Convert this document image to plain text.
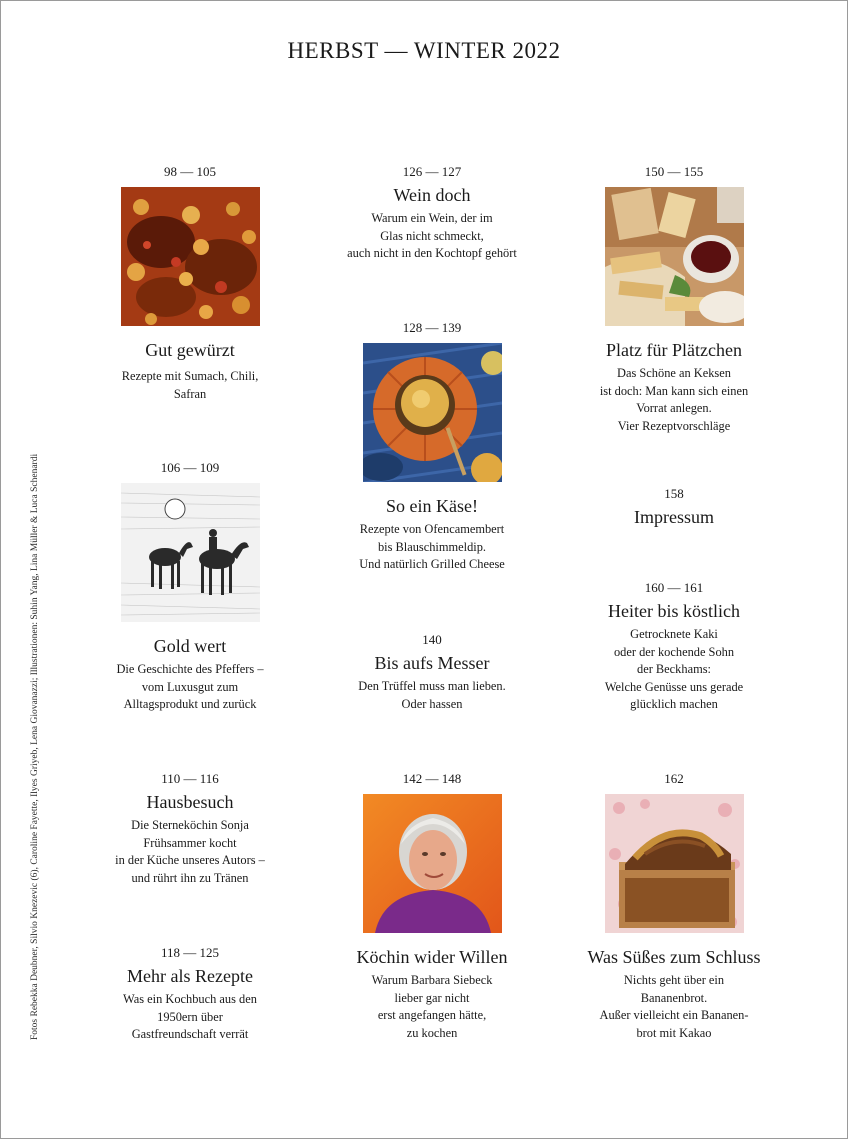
HERBST — WINTER 2022
Fotos Rebekka Deubner, Silvio Knezevic (6), Caroline Fayette, Ilyes Griyeb, Lena Giovanazzi; Illustrationen: Suhin Yang, Lina Müller & Luca Schenardi
98 — 105
Gut gewürzt
Rezepte mit Sumach, Chili,
Safran
106 — 109
Gold wert
Die Geschichte des Pfeffers –
vom Luxusgut zum
Alltagsprodukt und zurück
110 — 116
Hausbesuch
Die Sterneköchin Sonja
Frühsammer kocht
in der Küche unseres Autors –
und rührt ihn zu Tränen
118 — 125
Mehr als Rezepte
Was ein Kochbuch aus den
1950ern über
Gastfreundschaft verrät
126 — 127
Wein doch
Warum ein Wein, der im
Glas nicht schmeckt,
auch nicht in den Kochtopf gehört
128 — 139
So ein Käse!
Rezepte von Ofencamembert
bis Blauschimmeldip.
Und natürlich Grilled Cheese
140
Bis aufs Messer
Den Trüffel muss man lieben.
Oder hassen
142 — 148
Köchin wider Willen
Warum Barbara Siebeck
lieber gar nicht
erst angefangen hätte,
zu kochen
150 — 155
Platz für Plätzchen
Das Schöne an Keksen
ist doch: Man kann sich einen
Vorrat anlegen.
Vier Rezeptvorschläge
158
Impressum
160 — 161
Heiter bis köstlich
Getrocknete Kaki
oder der kochende Sohn
der Beckhams:
Welche Genüsse uns gerade
glücklich machen
162
Was Süßes zum Schluss
Nichts geht über ein
Bananenbrot.
Außer vielleicht ein Bananen-
brot mit Kakao
